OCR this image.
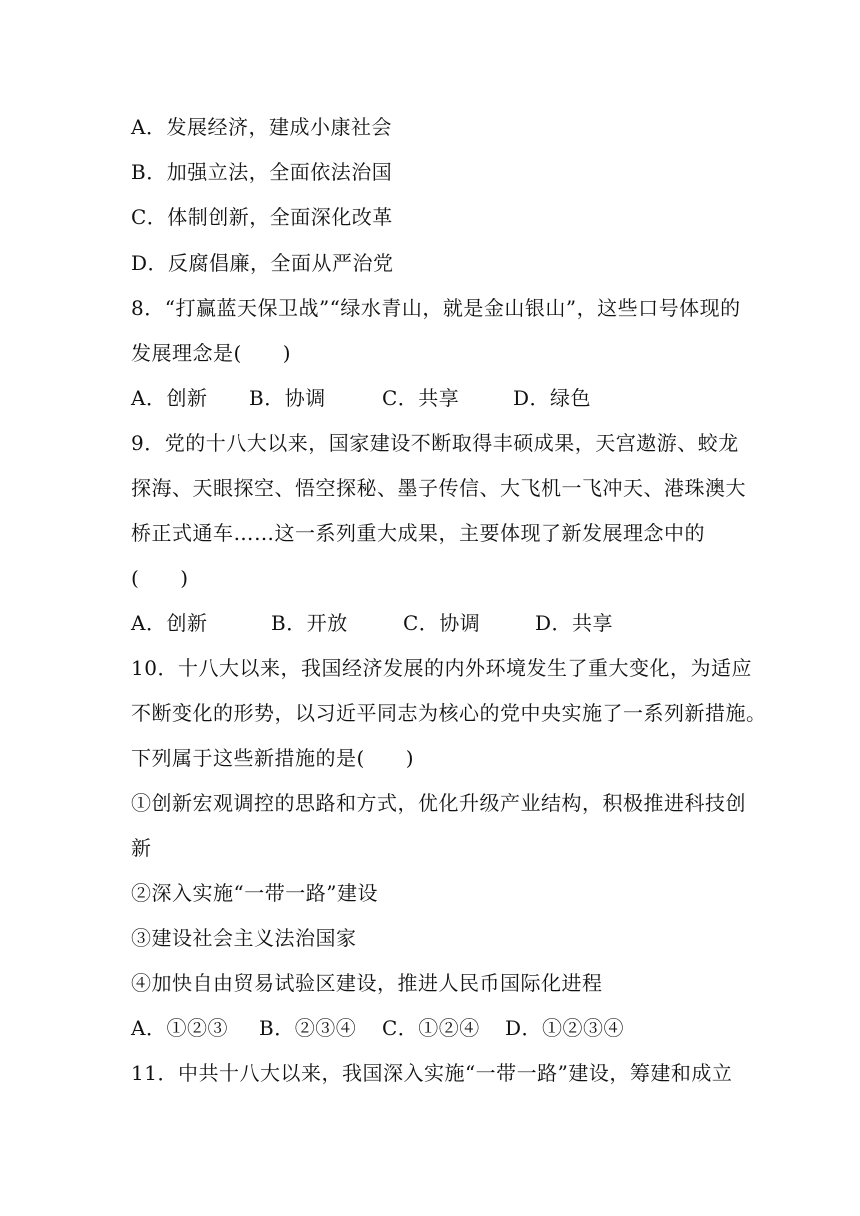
A．发展经济，建成小康社会
B．加强立法，全面依法治国
C．体制创新，全面深化改革
D．反腐倡廉，全面从严治党
8．“打赢蓝天保卫战”“绿水青山，就是金山银山”，这些口号体现的
发展理念是(　　)
A．创新 B．协调	C．共享	D．绿色
9．党的十八大以来，国家建设不断取得丰硕成果，天宫遨游、蛟龙
探海、天眼探空、悟空探秘、墨子传信、大飞机一飞冲天、港珠澳大
桥正式通车……这一系列重大成果，主要体现了新发展理念中的
(　　)
A．创新	B．开放	C．协调	D．共享
10．十八大以来，我国经济发展的内外环境发生了重大变化，为适应
不断变化的形势，以习近平同志为核心的党中央实施了一系列新措施。
下列属于这些新措施的是(　　)
①创新宏观调控的思路和方式，优化升级产业结构，积极推进科技创
新
②深入实施“一带一路”建设
③建设社会主义法治国家
④加快自由贸易试验区建设，推进人民币国际化进程
A．①②③ B．②③④ C．①②④ D．①②③④
11．中共十八大以来，我国深入实施“一带一路”建设，筹建和成立
